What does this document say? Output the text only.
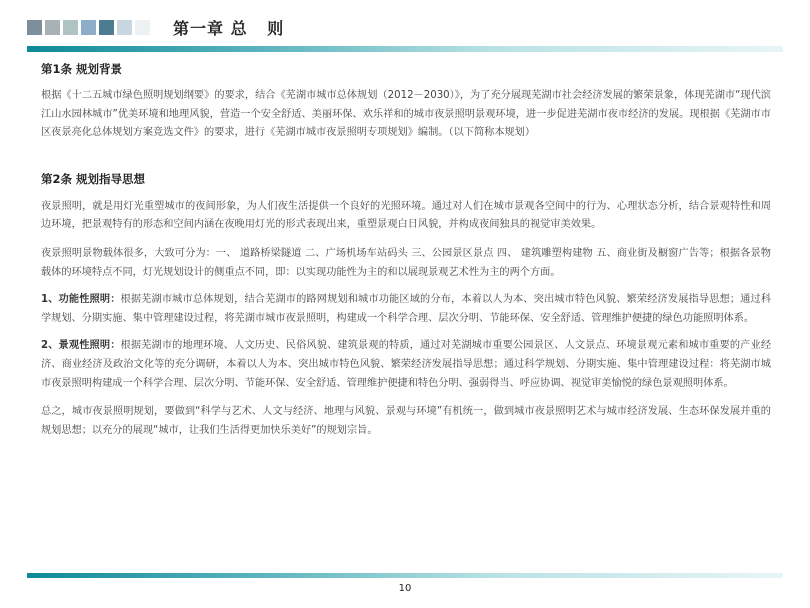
第一章 总   则

第1条 规划背景

根据《十二五城市绿色照明规划纲要》的要求，结合《芜湖市城市总体规划（2012－2030）》，为了充分展现芜湖市社会经济发展的繁荣景象，体现芜湖市“现代滨江山水园林城市”优美环境和地理风貌，营造一个安全舒适、美丽环保、欢乐祥和的城市夜景照明景观环境，进一步促进芜湖市夜市经济的发展。现根据《芜湖市市区夜景亮化总体规划方案竞选文件》的要求，进行《芜湖市城市夜景照明专项规划》编制。（以下简称本规划）

第2条 规划指导思想

夜景照明，就是用灯光重塑城市的夜间形象，为人们夜生活提供一个良好的光照环境。通过对人们在城市景观各空间中的行为、心理状态分析，结合景观特性和周边环境，把景观特有的形态和空间内涵在夜晚用灯光的形式表现出来，重塑景观白日风貌，并构成夜间独具的视觉审美效果。

夜景照明景物载体很多，大致可分为：一、 道路桥梁隧道 二、广场机场车站码头 三、公园景区景点 四、 建筑雕塑构建物 五、商业街及橱窗广告等；根据各景物载体的环境特点不同，灯光规划设计的侧重点不同，即：以实现功能性为主的和以展现景观艺术性为主的两个方面。

1、功能性照明：根据芜湖市城市总体规划，结合芜湖市的路网规划和城市功能区域的分布，本着以人为本、突出城市特色风貌、繁荣经济发展指导思想；通过科学规划、分期实施、集中管理建设过程，将芜湖市城市夜景照明，构建成一个科学合理、层次分明、节能环保、安全舒适、管理维护便捷的绿色功能照明体系。

2、景观性照明：根据芜湖市的地理环境、人文历史、民俗风貌、建筑景观的特质，通过对芜湖城市重要公园景区、人文景点、环境景观元素和城市重要的产业经济、商业经济及政治文化等的充分调研，本着以人为本、突出城市特色风貌、繁荣经济发展指导思想；通过科学规划、分期实施、集中管理建设过程：将芜湖市城市夜景照明构建成一个科学合理、层次分明、节能环保、安全舒适、管理维护便捷和特色分明、强弱得当、呼应协调、视觉审美愉悦的绿色景观照明体系。

总之，城市夜景照明规划，要做到“科学与艺术、人文与经济、地理与风貌、景观与环境”有机统一，做到城市夜景照明艺术与城市经济发展、生态环保发展并重的规划思想；以充分的展现“城市，让我们生活得更加快乐美好”的规划宗旨。

10
